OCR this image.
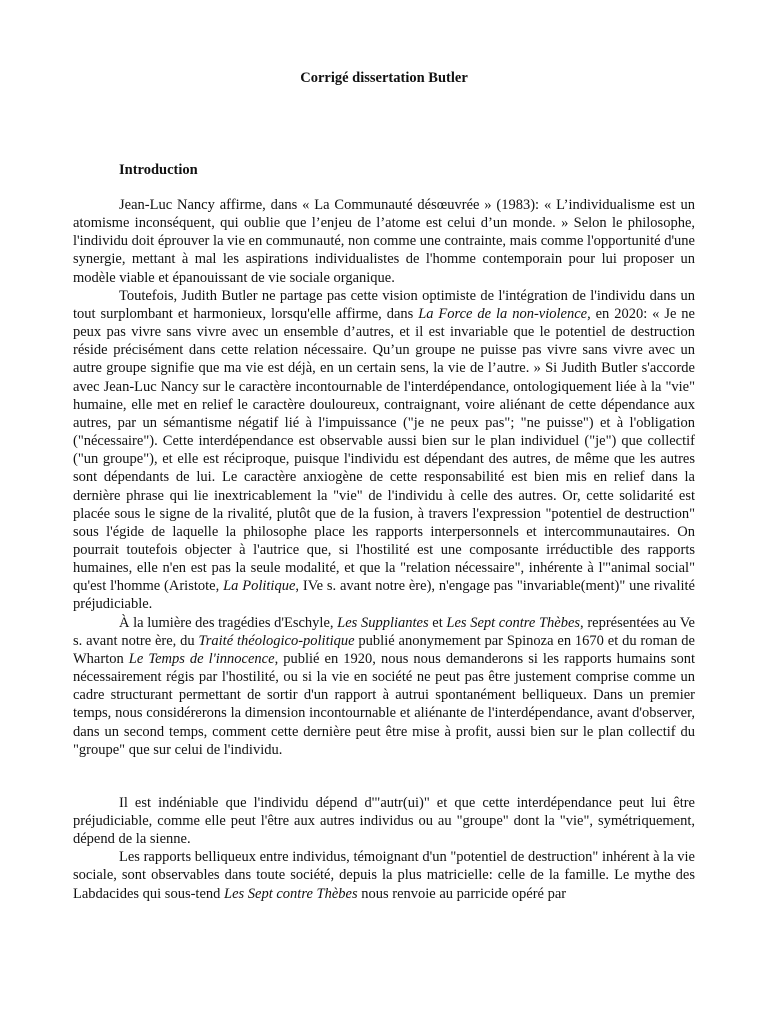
Corrigé dissertation Butler
Introduction

Jean-Luc Nancy affirme, dans « La Communauté désœuvrée » (1983): « L’individualisme est un atomisme inconséquent, qui oublie que l’enjeu de l’atome est celui d’un monde. » Selon le philosophe, l'individu doit éprouver la vie en communauté, non comme une contrainte, mais comme l'opportunité d'une synergie, mettant à mal les aspirations individualistes de l'homme contemporain pour lui proposer un modèle viable et épanouissant de vie sociale organique.

Toutefois, Judith Butler ne partage pas cette vision optimiste de l'intégration de l'individu dans un tout surplombant et harmonieux, lorsqu'elle affirme, dans La Force de la non-violence, en 2020: « Je ne peux pas vivre sans vivre avec un ensemble d’autres, et il est invariable que le potentiel de destruction réside précisément dans cette relation nécessaire. Qu’un groupe ne puisse pas vivre sans vivre avec un autre groupe signifie que ma vie est déjà, en un certain sens, la vie de l’autre. » Si Judith Butler s'accorde avec Jean-Luc Nancy sur le caractère incontournable de l'interdépendance, ontologiquement liée à la "vie" humaine, elle met en relief le caractère douloureux, contraignant, voire aliénant de cette dépendance aux autres, par un sémantisme négatif lié à l'impuissance ("je ne peux pas"; "ne puisse") et à l'obligation ("nécessaire"). Cette interdépendance est observable aussi bien sur le plan individuel ("je") que collectif ("un groupe"), et elle est réciproque, puisque l'individu est dépendant des autres, de même que les autres sont dépendants de lui. Le caractère anxiogène de cette responsabilité est bien mis en relief dans la dernière phrase qui lie inextricablement la "vie" de l'individu à celle des autres. Or, cette solidarité est placée sous le signe de la rivalité, plutôt que de la fusion, à travers l'expression "potentiel de destruction" sous l'égide de laquelle la philosophe place les rapports interpersonnels et intercommunautaires. On pourrait toutefois objecter à l'autrice que, si l'hostilité est une composante irréductible des rapports humaines, elle n'en est pas la seule modalité, et que la "relation nécessaire", inhérente à l'"animal social" qu'est l'homme (Aristote, La Politique, IVe s. avant notre ère), n'engage pas "invariable(ment)" une rivalité préjudiciable.

À la lumière des tragédies d'Eschyle, Les Suppliantes et Les Sept contre Thèbes, représentées au Ve s. avant notre ère, du Traité théologico-politique publié anonymement par Spinoza en 1670 et du roman de Wharton Le Temps de l'innocence, publié en 1920, nous nous demanderons si les rapports humains sont nécessairement régis par l'hostilité, ou si la vie en société ne peut pas être justement comprise comme un cadre structurant permettant de sortir d'un rapport à autrui spontanément belliqueux. Dans un premier temps, nous considérerons la dimension incontournable et aliénante de l'interdépendance, avant d'observer, dans un second temps, comment cette dernière peut être mise à profit, aussi bien sur le plan collectif du "groupe" que sur celui de l'individu.

Il est indéniable que l'individu dépend d'"autr(ui)" et que cette interdépendance peut lui être préjudiciable, comme elle peut l'être aux autres individus ou au "groupe" dont la "vie", symétriquement, dépend de la sienne.

Les rapports belliqueux entre individus, témoignant d'un "potentiel de destruction" inhérent à la vie sociale, sont observables dans toute société, depuis la plus matricielle: celle de la famille. Le mythe des Labdacides qui sous-tend Les Sept contre Thèbes nous renvoie au parricide opéré par
